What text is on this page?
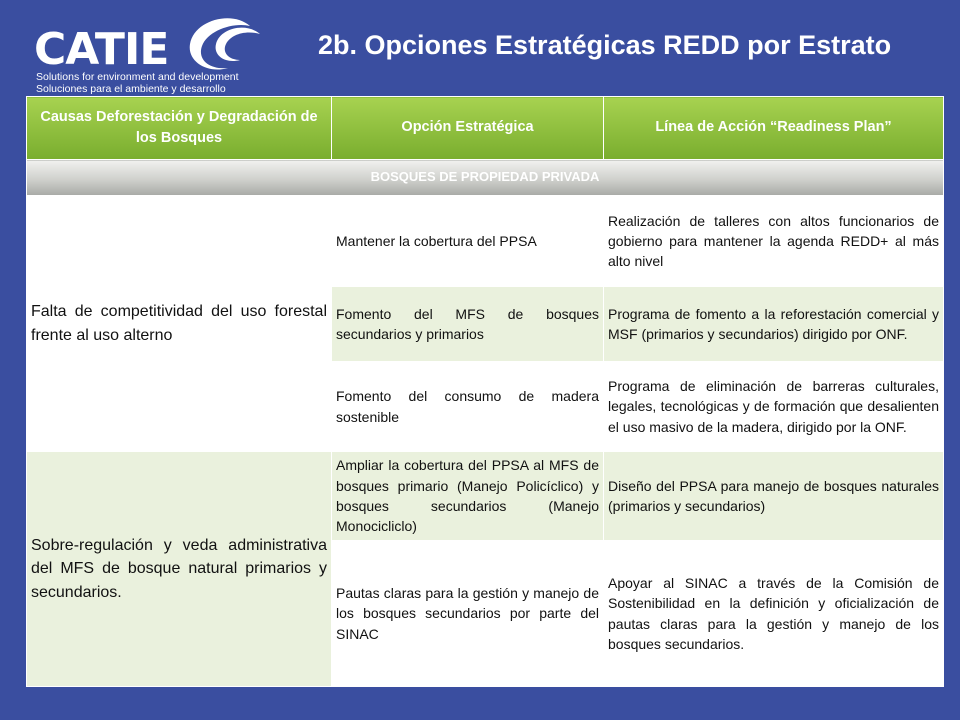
CATIE
Solutions for environment and development
Soluciones para el ambiente y desarrollo
2b. Opciones Estratégicas REDD por Estrato
Causas Deforestación y Degradación de los Bosques	Opción Estratégica	Línea de Acción “Readiness Plan”
BOSQUES DE PROPIEDAD PRIVADA		
Falta de competitividad del uso forestal frente al uso alterno	Mantener la cobertura del PPSA	Realización de talleres con altos funcionarios de gobierno para mantener la agenda REDD+ al más alto nivel
	Fomento del MFS de bosques secundarios y primarios	Programa de fomento a la reforestación comercial y MSF (primarios y secundarios) dirigido por ONF.
	Fomento del consumo de madera sostenible	Programa de eliminación de barreras culturales, legales, tecnológicas y de formación que desalienten el uso masivo de la madera, dirigido por la ONF.
Sobre-regulación y veda administrativa del MFS de bosque natural primarios y secundarios.	Ampliar la cobertura del PPSA al MFS de bosques primario (Manejo Policíclico) y bosques secundarios (Manejo Monocicliclo)	Diseño del PPSA para manejo de bosques naturales (primarios y secundarios)
	Pautas claras para la gestión y manejo de los bosques secundarios por parte del SINAC	Apoyar al SINAC a través de la Comisión de Sostenibilidad en la definición y oficialización de pautas claras para la gestión y manejo de los bosques secundarios.
